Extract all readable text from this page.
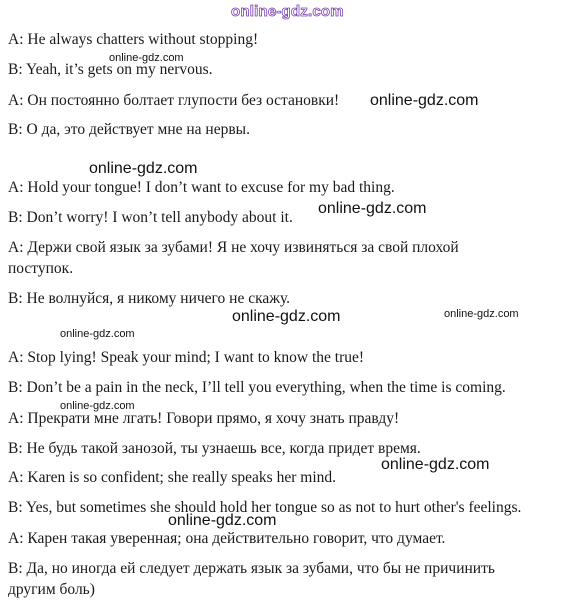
online-gdz.com

A: He always chatters without stopping!

B: Yeah, it’s gets on my nervous.

А: Он постоянно болтает глупости без остановки!

В: О да, это действует мне на нервы.

A: Hold your tongue! I don’t want to excuse for my bad thing.

B: Don’t worry! I won’t tell anybody about it.

А: Держи свой язык за зубами! Я не хочу извиняться за свой плохой

поступок.

В: Не волнуйся, я никому ничего не скажу.

A: Stop lying! Speak your mind; I want to know the true!

B: Don’t be a pain in the neck, I’ll tell you everything, when the time is coming.

А: Прекрати мне лгать! Говори прямо, я хочу знать правду!

В: Не будь такой занозой, ты узнаешь все, когда придет время.

A: Karen is so confident; she really speaks her mind.

B: Yes, but sometimes she should hold her tongue so as not to hurt other's feelings.

А: Карен такая уверенная; она действительно говорит, что думает.

В: Да, но иногда ей следует держать язык за зубами, что бы не причинить

другим боль)

online-gdz.com
online-gdz.com
online-gdz.com
online-gdz.com
online-gdz.com	online-gdz.com
online-gdz.com
online-gdz.com
online-gdz.com
online-gdz.com
